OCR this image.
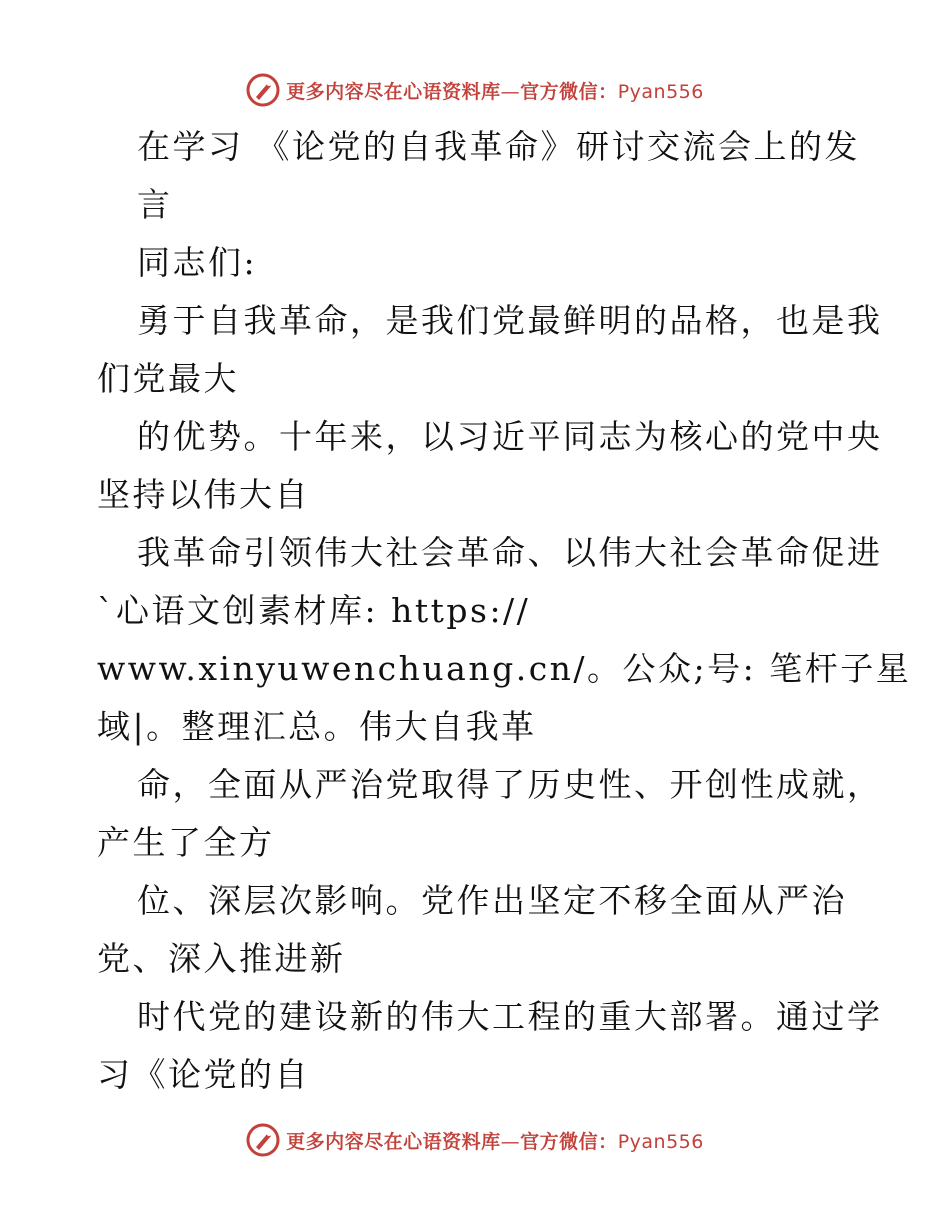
更多内容尽在心语资料库—官方微信：Pyan556
在学习 《论党的自我革命》研讨交流会上的发
言
同志们:
勇于自我革命，是我们党最鲜明的品格，也是我
们党最大
的优势。十年来，以习近平同志为核心的党中央
坚持以伟大自
我革命引领伟大社会革命、以伟大社会革命促进
`心语文创素材库: https://
www.xinyuwenchuang.cn/。公众;号: 笔杆子星
域|。整理汇总。伟大自我革
命，全面从严治党取得了历史性、开创性成就，
产生了全方
位、深层次影响。党作出坚定不移全面从严治
党、深入推进新
时代党的建设新的伟大工程的重大部署。通过学
习《论党的自
更多内容尽在心语资料库—官方微信：Pyan556
